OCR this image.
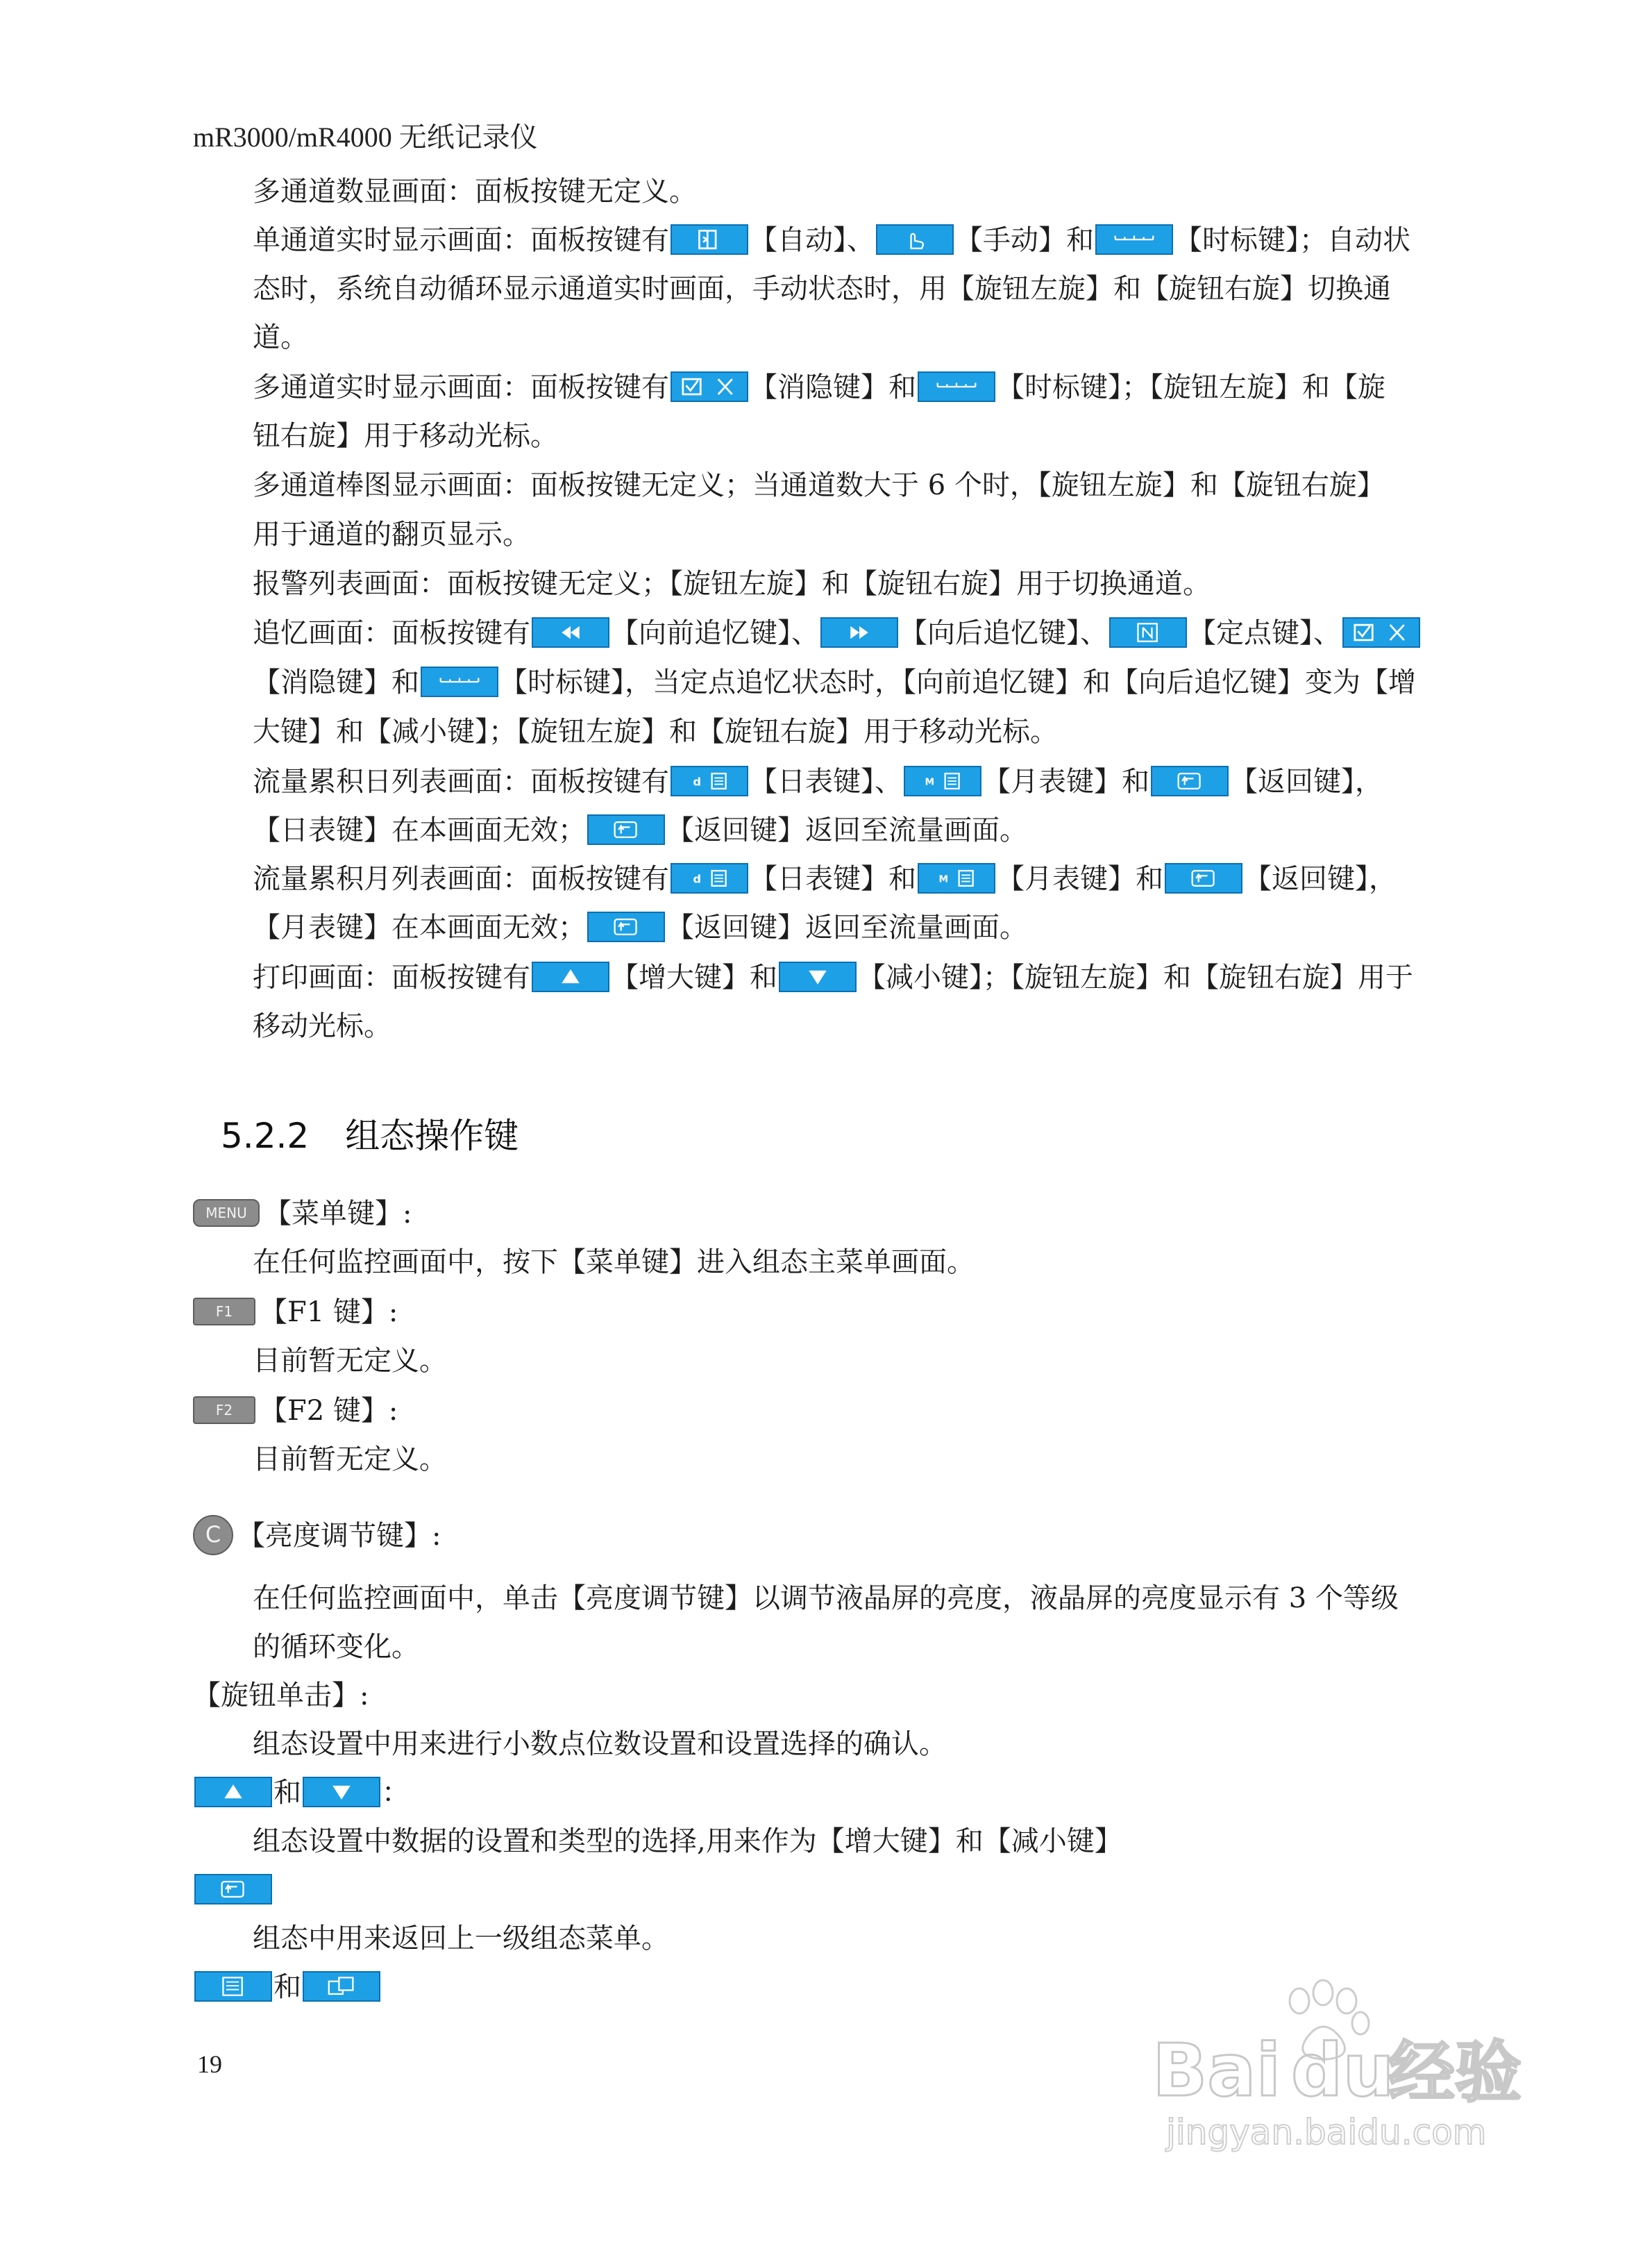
mR3000/mR4000 无纸记录仪
多通道数显画面：面板按键无定义。
单通道实时显示画面：面板按键有	【自动】、	【手动】和	【时标键】；自动状
态时，系统自动循环显示通道实时画面，手动状态时，用【旋钮左旋】和【旋钮右旋】切换通
道。
多通道实时显示画面：面板按键有	【消隐键】和	【时标键】；【旋钮左旋】和【旋
钮右旋】用于移动光标。
多通道棒图显示画面：面板按键无定义；当通道数大于 6 个时，【旋钮左旋】和【旋钮右旋】
用于通道的翻页显示。
报警列表画面：面板按键无定义；【旋钮左旋】和【旋钮右旋】用于切换通道。
追忆画面：面板按键有	【向前追忆键】、	【向后追忆键】、	【定点键】、
【消隐键】和	【时标键】，当定点追忆状态时，【向前追忆键】和【向后追忆键】变为【增
大键】和【减小键】；【旋钮左旋】和【旋钮右旋】用于移动光标。
流量累积日列表画面：面板按键有 d 【日表键】、 M 【月表键】和	【返回键】，
【日表键】在本画面无效；	【返回键】返回至流量画面。
流量累积月列表画面：面板按键有 d 【日表键】和 M 【月表键】和	【返回键】，
【月表键】在本画面无效；	【返回键】返回至流量画面。
打印画面：面板按键有	【增大键】和	【减小键】；【旋钮左旋】和【旋钮右旋】用于
移动光标。
5.2.2 组态操作键
MENU 【菜单键】:
在任何监控画面中，按下【菜单键】进入组态主菜单画面。
F1 【F1 键】:
目前暂无定义。
F2 【F2 键】:
目前暂无定义。
C 【亮度调节键】:
在任何监控画面中，单击【亮度调节键】以调节液晶屏的亮度，液晶屏的亮度显示有 3 个等级
的循环变化。
【旋钮单击】:
组态设置中用来进行小数点位数设置和设置选择的确认。
和	：
组态设置中数据的设置和类型的选择,用来作为【增大键】和【减小键】
组态中用来返回上一级组态菜单。
和
19	Bai du
经验
jingyan.baidu.com
